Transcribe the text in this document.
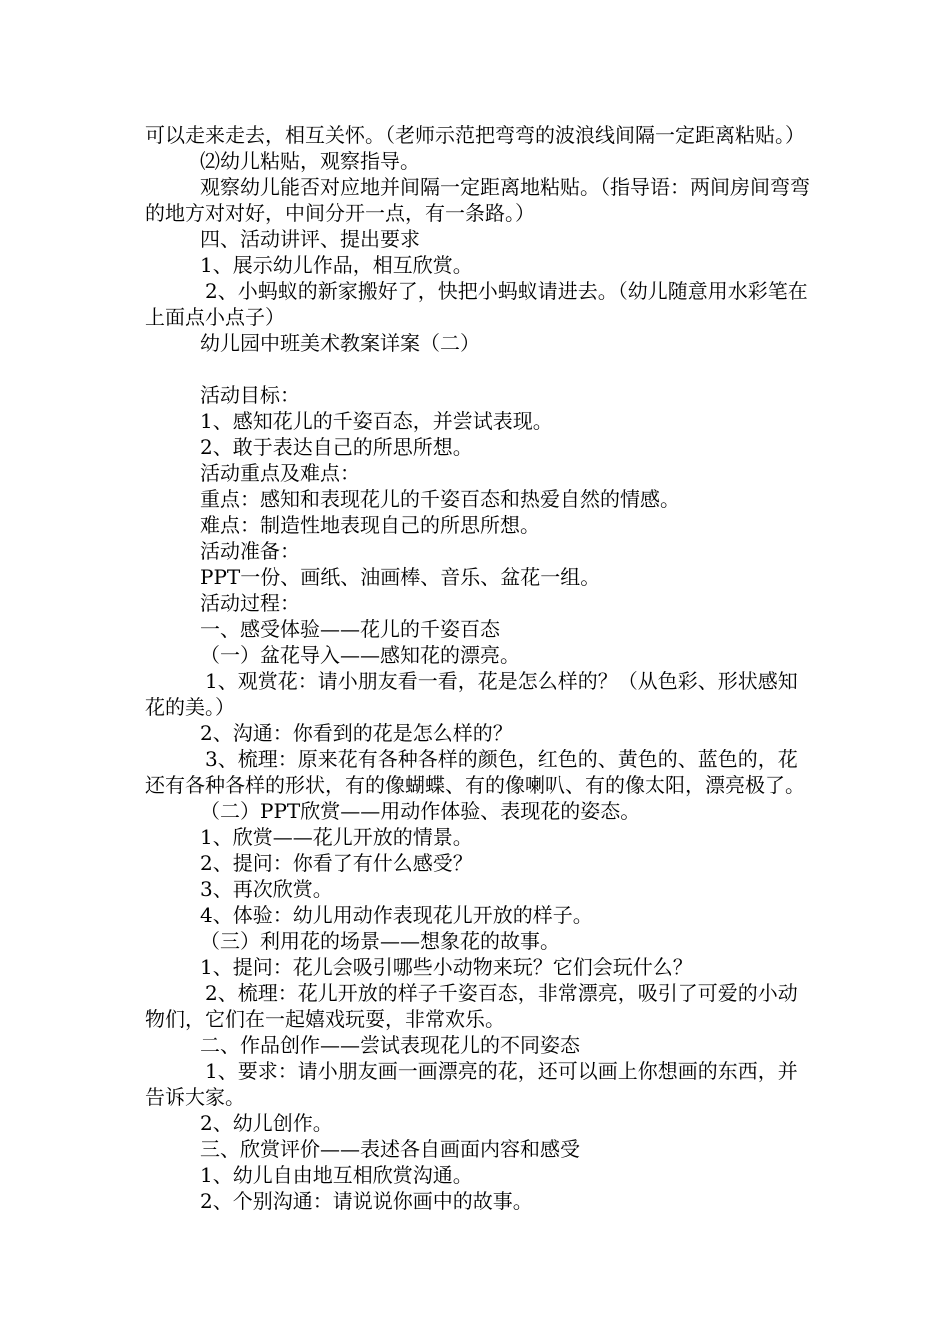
可以走来走去，相互关怀。（老师示范把弯弯的波浪线间隔一定距离粘贴。）

⑵幼儿粘贴，观察指导。

观察幼儿能否对应地并间隔一定距离地粘贴。（指导语：两间房间弯弯的地方对对好，中间分开一点，有一条路。）

四、活动讲评、提出要求

1、展示幼儿作品，相互欣赏。

2、小蚂蚁的新家搬好了，快把小蚂蚁请进去。（幼儿随意用水彩笔在上面点小点子）

幼儿园中班美术教案详案（二）

活动目标：

1、感知花儿的千姿百态，并尝试表现。

2、敢于表达自己的所思所想。

活动重点及难点：

重点：感知和表现花儿的千姿百态和热爱自然的情感。

难点：制造性地表现自己的所思所想。

活动准备：

PPT一份、画纸、油画棒、音乐、盆花一组。

活动过程：

一、感受体验——花儿的千姿百态

（一）盆花导入——感知花的漂亮。

1、观赏花：请小朋友看一看，花是怎么样的？（从色彩、形状感知花的美。）

2、沟通：你看到的花是怎么样的？

3、梳理：原来花有各种各样的颜色，红色的、黄色的、蓝色的，花还有各种各样的形状，有的像蝴蝶、有的像喇叭、有的像太阳，漂亮极了。

（二）PPT欣赏——用动作体验、表现花的姿态。

1、欣赏——花儿开放的情景。

2、提问：你看了有什么感受？

3、再次欣赏。

4、体验：幼儿用动作表现花儿开放的样子。

（三）利用花的场景——想象花的故事。

1、提问：花儿会吸引哪些小动物来玩？它们会玩什么？

2、梳理：花儿开放的样子千姿百态，非常漂亮，吸引了可爱的小动物们，它们在一起嬉戏玩耍，非常欢乐。

二、作品创作——尝试表现花儿的不同姿态

1、要求：请小朋友画一画漂亮的花，还可以画上你想画的东西，并告诉大家。

2、幼儿创作。

三、欣赏评价——表述各自画面内容和感受

1、幼儿自由地互相欣赏沟通。

2、个别沟通：请说说你画中的故事。
